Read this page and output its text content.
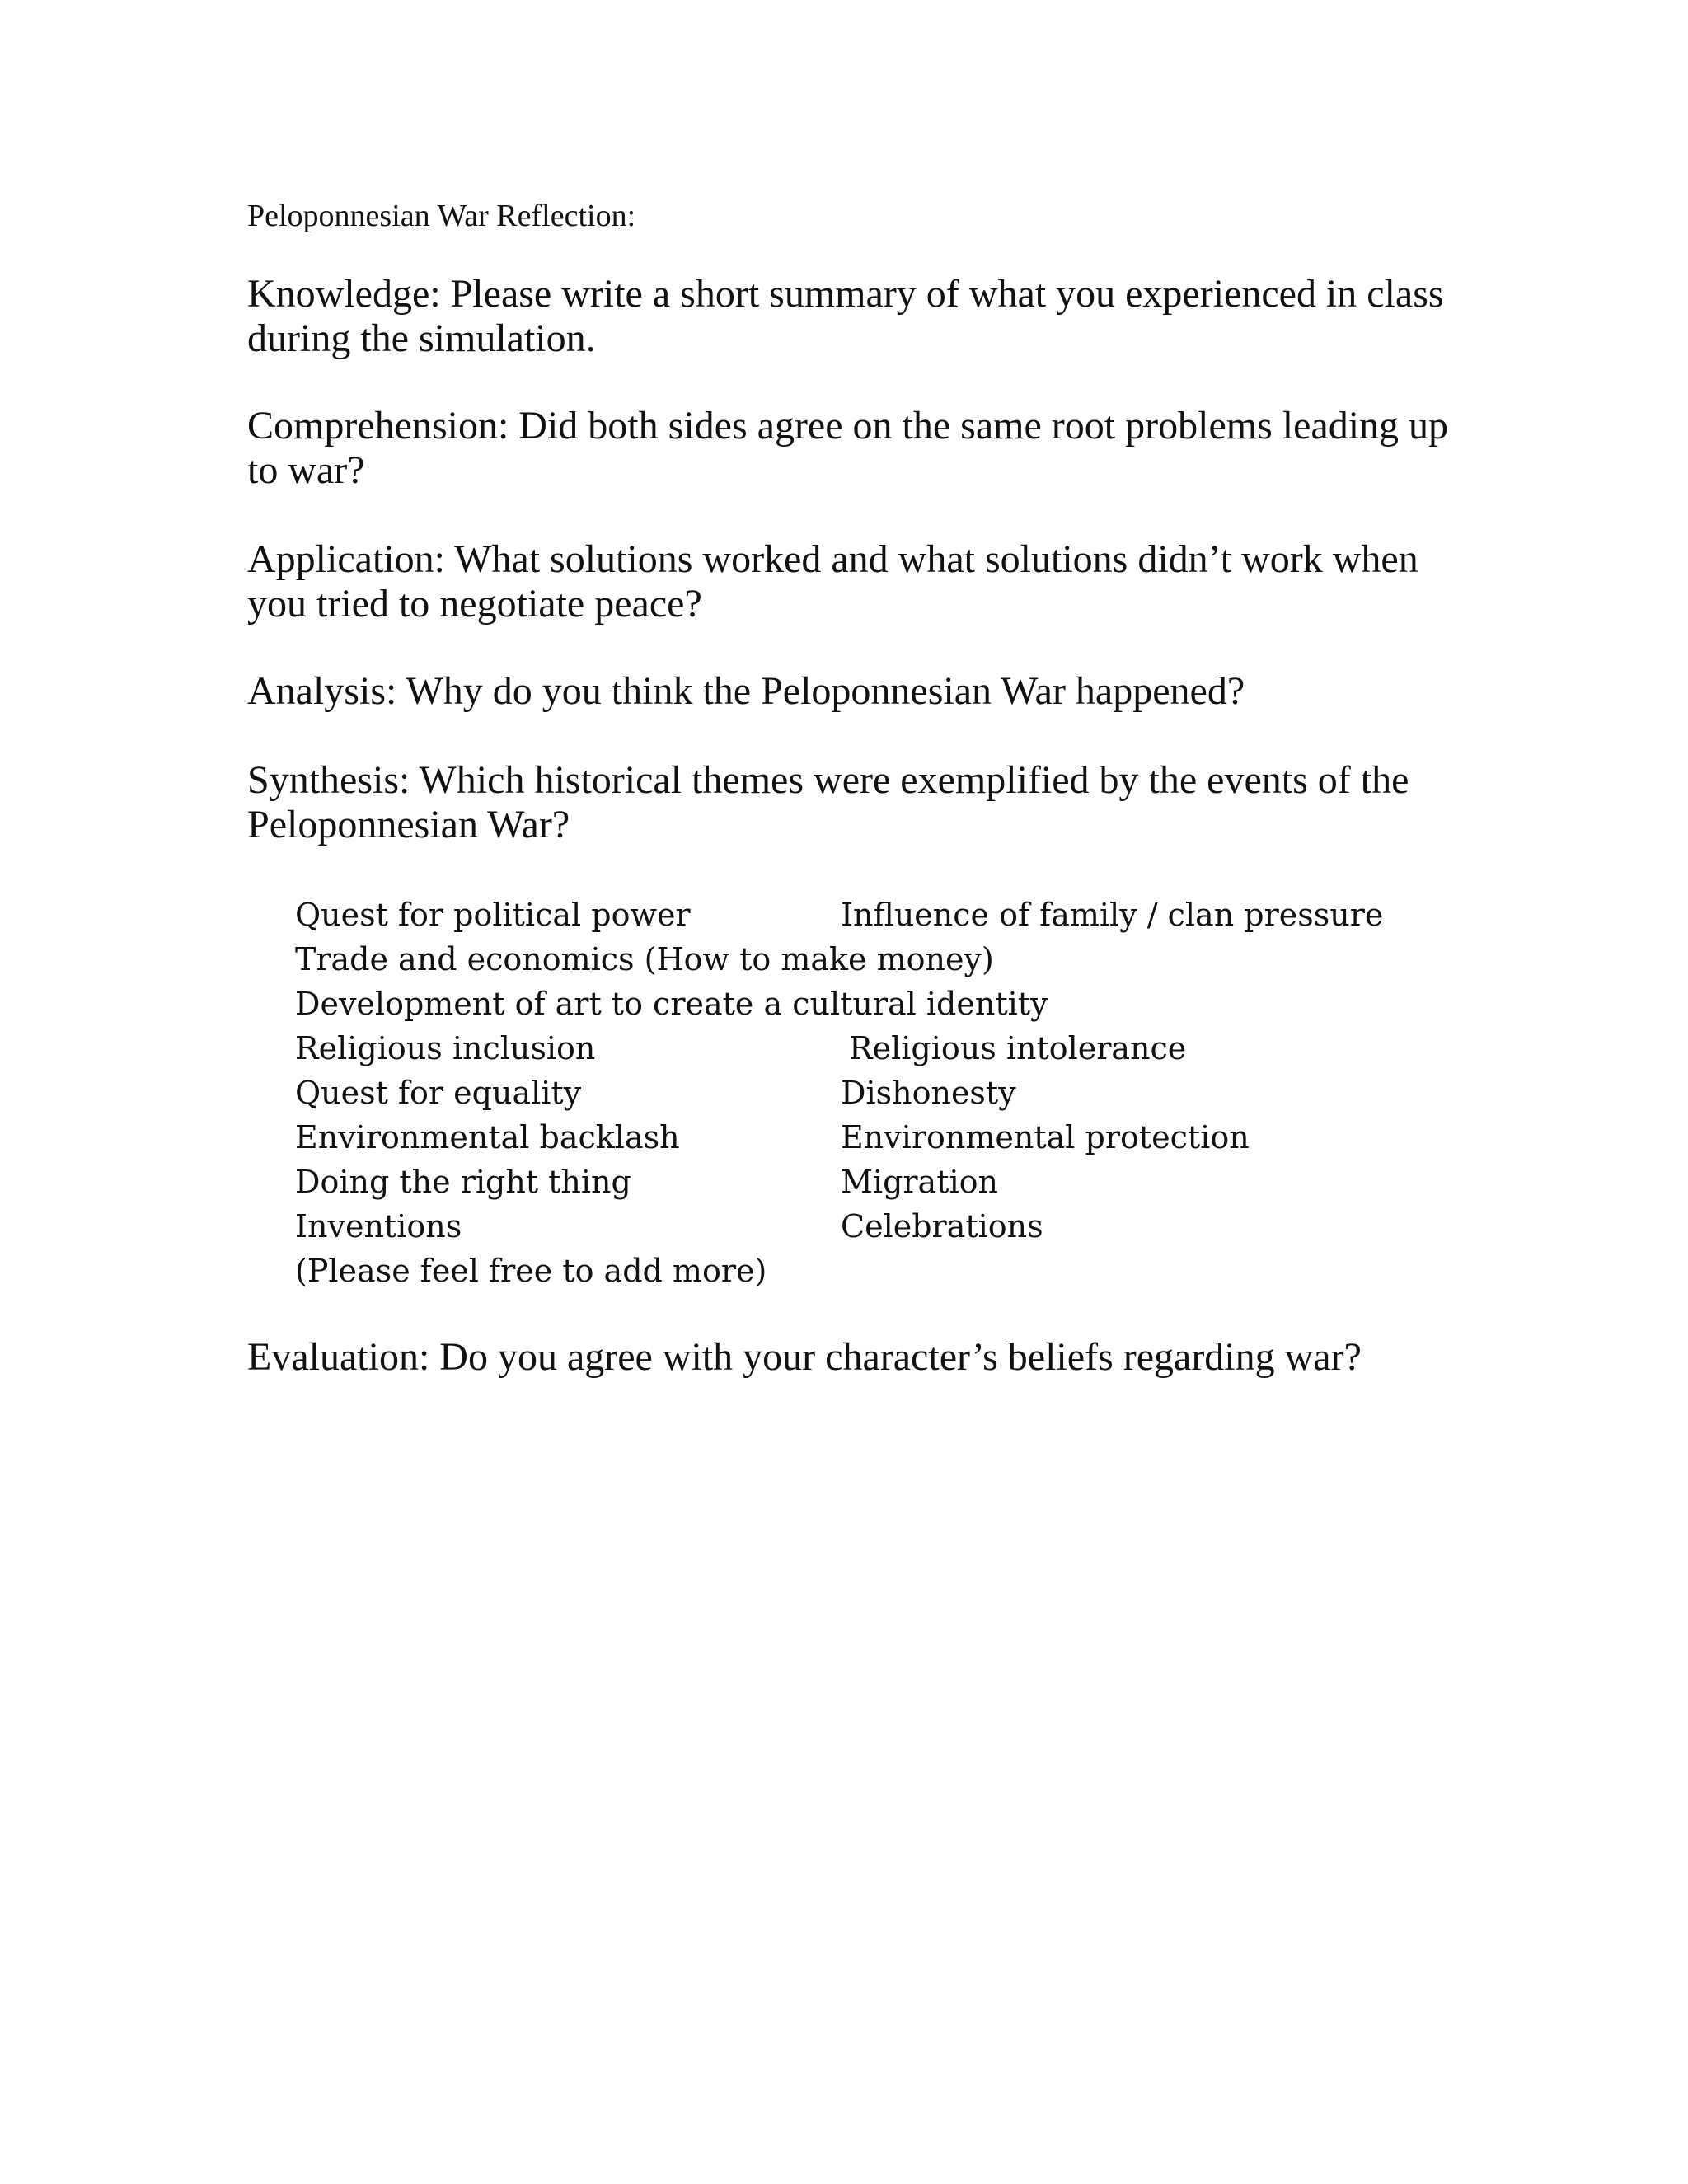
Peloponnesian War Reflection:
Knowledge: Please write a short summary of what you experienced in class during the simulation.
Comprehension: Did both sides agree on the same root problems leading up to war?
Application: What solutions worked and what solutions didn’t work when you tried to negotiate peace?
Analysis: Why do you think the Peloponnesian War happened?
Synthesis: Which historical themes were exemplified by the events of the Peloponnesian War?
Quest for political power	Influence of family / clan pressure
Trade and economics (How to make money)
Development of art to create a cultural identity
Religious inclusion	Religious intolerance
Quest for equality	Dishonesty
Environmental backlash	Environmental protection
Doing the right thing	Migration
Inventions	Celebrations
(Please feel free to add more)
Evaluation: Do you agree with your character’s beliefs regarding war?
